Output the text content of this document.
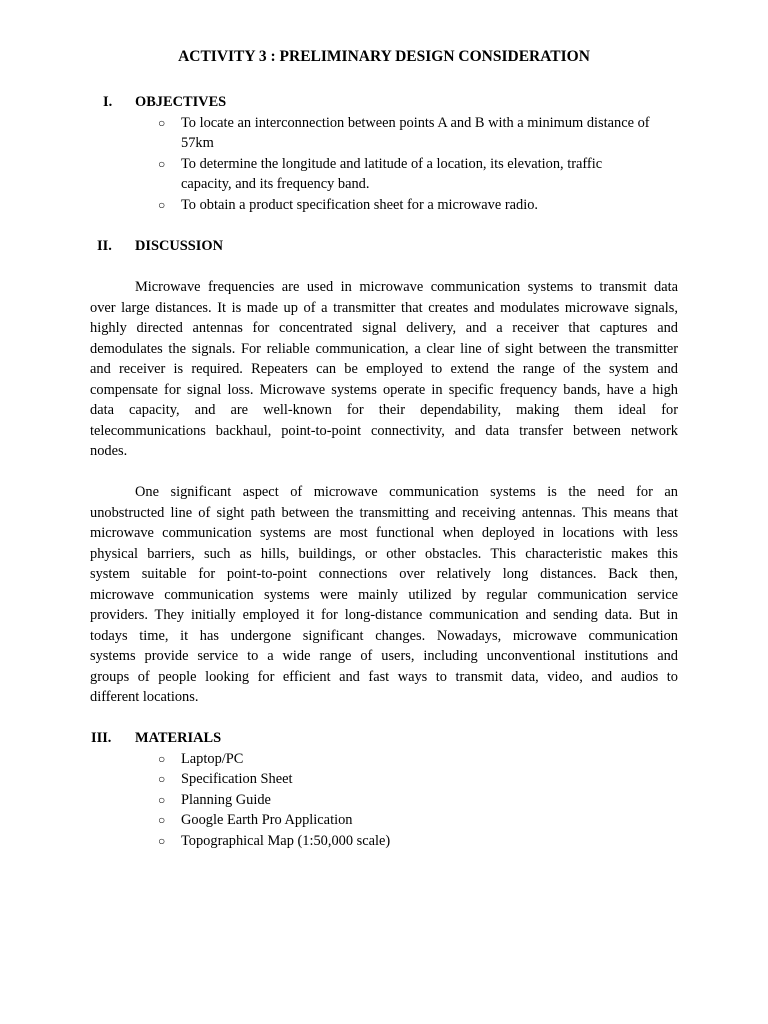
ACTIVITY 3 : PRELIMINARY DESIGN CONSIDERATION
I. OBJECTIVES
○ To locate an interconnection between points A and B with a minimum distance of
57km
○ To determine the longitude and latitude of a location, its elevation, traffic
capacity, and its frequency band.
○ To obtain a product specification sheet for a microwave radio.
II. DISCUSSION
Microwave frequencies are used in microwave communication systems to transmit data
over large distances. It is made up of a transmitter that creates and modulates microwave signals,
highly directed antennas for concentrated signal delivery, and a receiver that captures and
demodulates the signals. For reliable communication, a clear line of sight between the transmitter
and receiver is required. Repeaters can be employed to extend the range of the system and
compensate for signal loss. Microwave systems operate in specific frequency bands, have a high
data capacity, and are well-known for their dependability, making them ideal for
telecommunications backhaul, point-to-point connectivity, and data transfer between network
nodes.
One significant aspect of microwave communication systems is the need for an
unobstructed line of sight path between the transmitting and receiving antennas. This means that
microwave communication systems are most functional when deployed in locations with less
physical barriers, such as hills, buildings, or other obstacles. This characteristic makes this
system suitable for point-to-point connections over relatively long distances. Back then,
microwave communication systems were mainly utilized by regular communication service
providers. They initially employed it for long-distance communication and sending data. But in
todays time, it has undergone significant changes. Nowadays, microwave communication
systems provide service to a wide range of users, including unconventional institutions and
groups of people looking for efficient and fast ways to transmit data, video, and audios to
different locations.
III. MATERIALS
○ Laptop/PC
○ Specification Sheet
○ Planning Guide
○ Google Earth Pro Application
○ Topographical Map (1:50,000 scale)
